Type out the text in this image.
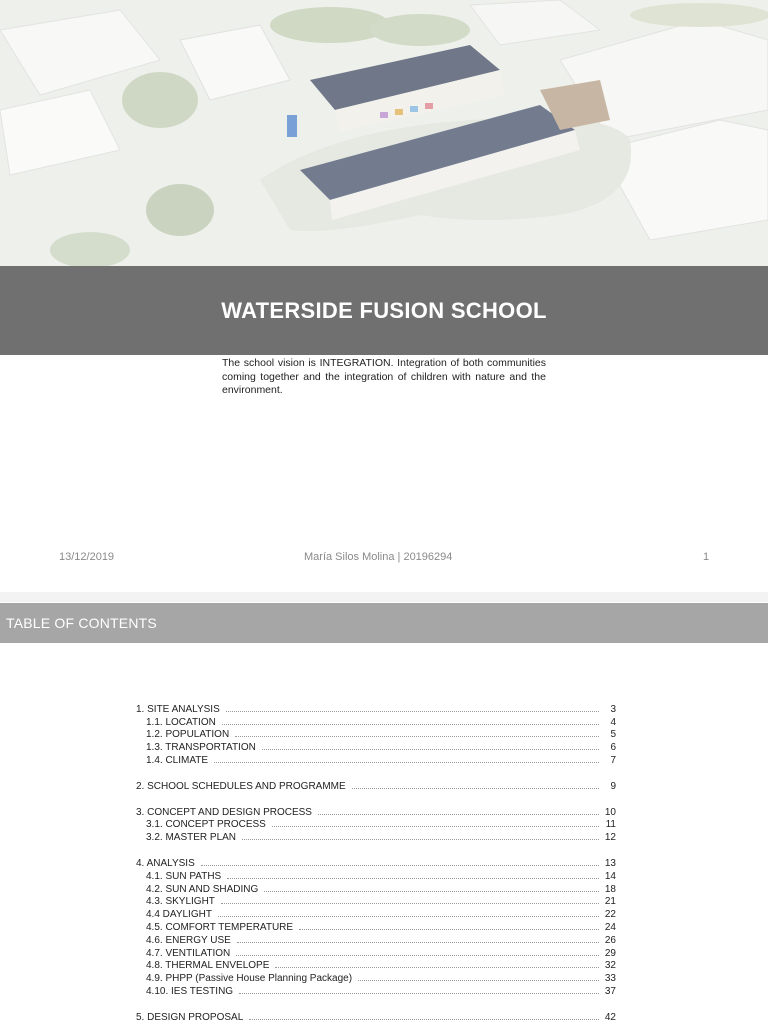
WATERSIDE FUSION SCHOOL

The school vision is INTEGRATION. Integration of both communities coming together and the integration of children with nature and the environment.

13/12/2019	María Silos Molina | 20196294	1
TABLE OF CONTENTS
1. SITE ANALYSIS	3
1.1. LOCATION	4
1.2. POPULATION	5
1.3. TRANSPORTATION	6
1.4. CLIMATE	7
2. SCHOOL SCHEDULES AND PROGRAMME	9
3. CONCEPT AND DESIGN PROCESS	10
3.1. CONCEPT PROCESS	11
3.2. MASTER PLAN	12
4. ANALYSIS	13
4.1. SUN PATHS	14
4.2. SUN AND SHADING	18
4.3. SKYLIGHT	21
4.4 DAYLIGHT	22
4.5. COMFORT TEMPERATURE	24
4.6. ENERGY USE	26
4.7. VENTILATION	29
4.8. THERMAL ENVELOPE	32
4.9. PHPP (Passive House Planning Package)	33
4.10. IES TESTING	37
5. DESIGN PROPOSAL	42
